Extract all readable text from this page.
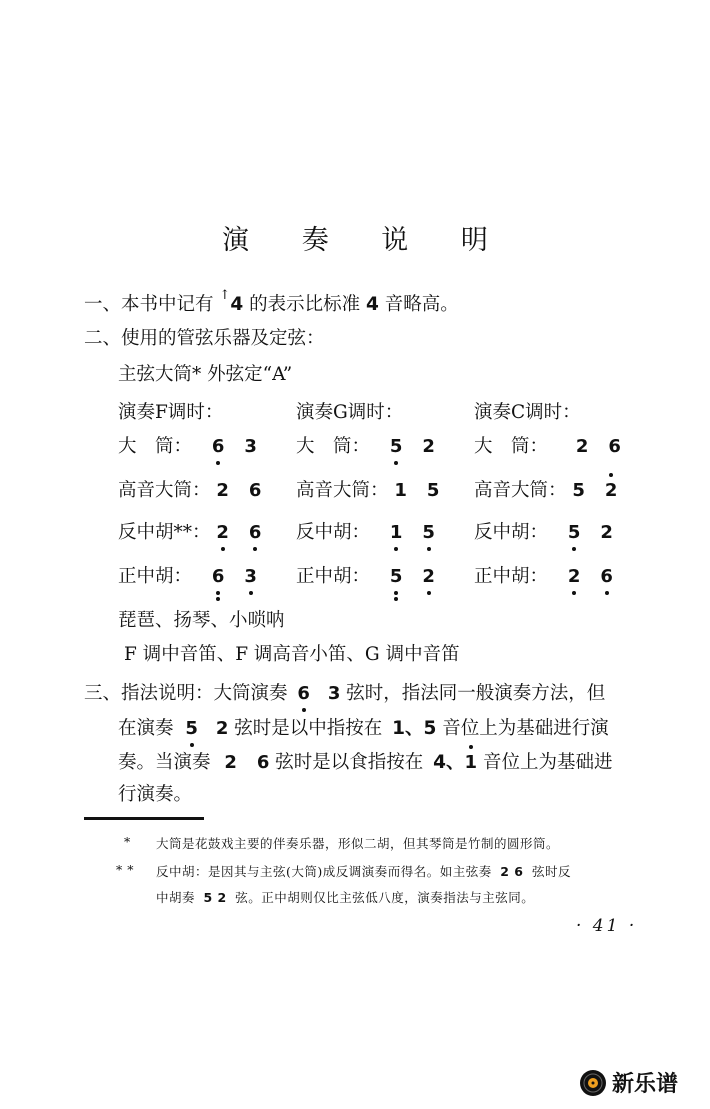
演 奏 说 明
一、本书中记有 ↑4 的表示比标准 4 音略高。
二、使用的管弦乐器及定弦：
主弦大筒* 外弦定“A”
演奏F调时：	演奏G调时：	演奏C调时：
大　筒： 6 3 大　筒： 5 2 大　筒： 2 6
高音大筒： 2 6 高音大筒： 1 5 高音大筒： 5 2
反中胡**： 2 6 反中胡： 1 5 反中胡： 5 2
正中胡： 6 3 正中胡： 5 2 正中胡： 2 6
琵琶、扬琴、小唢呐
F 调中音笛、F 调高音小笛、G 调中音笛
三、指法说明：大筒演奏 6 3 弦时，指法同一般演奏方法，但
在演奏 5 2 弦时是以中指按在 1、5 音位上为基础进行演
奏。当演奏 2 6 弦时是以食指按在 4、1 音位上为基础进
行演奏。
* 大筒是花鼓戏主要的伴奏乐器，形似二胡，但其琴筒是竹制的圆形筒。
* * 反中胡：是因其与主弦(大筒)成反调演奏而得名。如主弦奏 2 6 弦时反
中胡奏 5 2 弦。正中胡则仅比主弦低八度，演奏指法与主弦同。
· 41 ·
新乐谱
